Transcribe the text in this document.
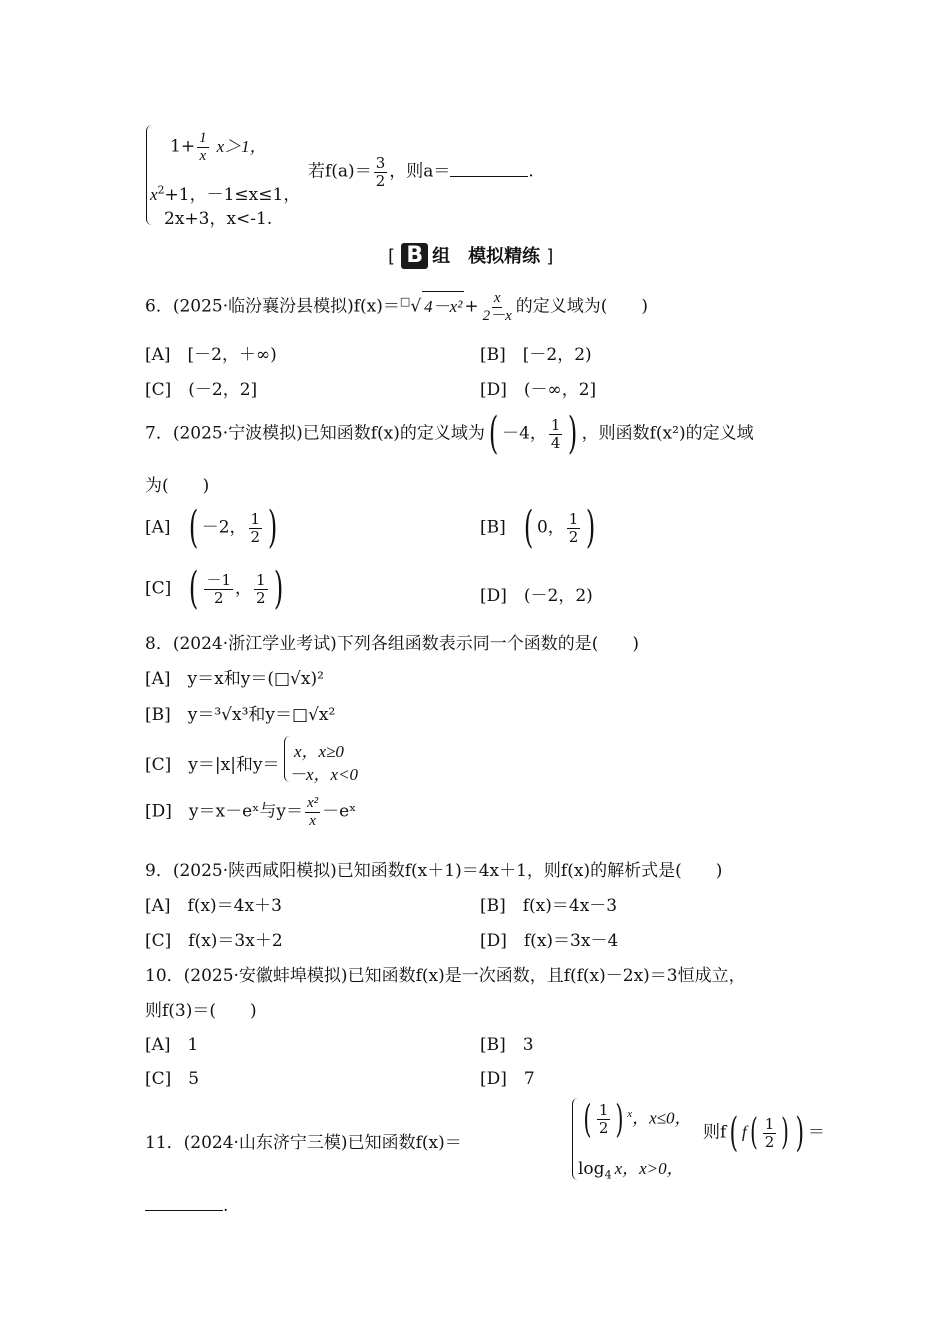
$1+ \frac{1}{x} x>1$，
$x^2+1$，－1≤x≤1，
2x+3，x<-1.
若$f(a)= \frac{3}{2}$ ，则a＝	.
[ B 组　模拟精练 ]
6．(2025·临汾襄汾县模拟)f(x)＝□√ $4-x^2 + \frac{x}{2-x}$ 的定义域为(　　)
[A]　[－2，＋∞)	[B]　[－2，2)
[C]　(－2，2]	[D]　(－∞，2]
7．(2025·宁波模拟)已知函数f(x)的定义域为( －4， $\frac{1}{4}$ ) ，则函数f(x²)的定义域
为(　　)
[A] ( －2， $\frac{1}{2}$ )	[B] ( 0， $\frac{1}{2}$ )
[C] ( $\frac{-1}{2}$ ， $\frac{1}{2}$ )	[D]　(－2，2)
8．(2024·浙江学业考试)下列各组函数表示同一个函数的是(　　)
[A]　y＝x和y＝(□√x)²
[B]　y＝³√x³和y＝□√x²
[C]　y＝|x|和y＝
x，x≥0
－x，x<0
[D]　y＝x－eˣ与$y= \frac{\text{x²}}{x}$ －eˣ
9．(2025·陕西咸阳模拟)已知函数f(x＋1)＝4x＋1，则f(x)的解析式是(　　)
[A]　f(x)＝4x＋3	[B]　f(x)＝4x－3
[C]　f(x)＝3x＋2	[D]　f(x)＝3x－4
10．(2025·安徽蚌埠模拟)已知函数f(x)是一次函数，且f(f(x)－2x)＝3恒成立，
则f(3)＝(　　)
[A]　1	[B]　3
[C]　5	[D]　7
11．(2024·山东济宁三模)已知函数f(x)＝
( $\frac{1}{2}$ ) $^x$，x≤0，
$\log_4 x$，x>0，
则f( $f( \frac{1}{2}$ ) ) ＝
.
